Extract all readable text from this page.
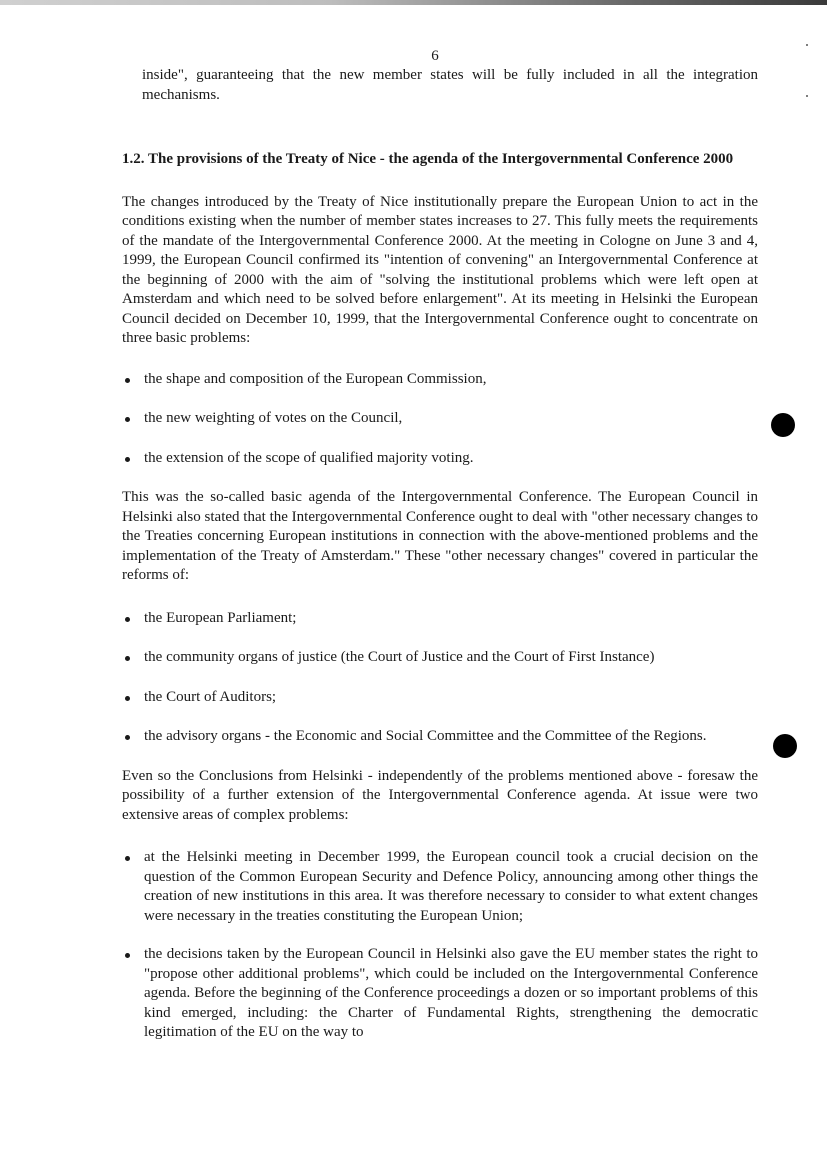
6

inside", guaranteeing that the new member states will be fully included in all the integration mechanisms.

1.2. The provisions of the Treaty of Nice - the agenda of the Intergovernmental Conference 2000

The changes introduced by the Treaty of Nice institutionally prepare the European Union to act in the conditions existing when the number of member states increases to 27. This fully meets the requirements of the mandate of the Intergovernmental Conference 2000. At the meeting in Cologne on June 3 and 4, 1999, the European Council confirmed its "intention of convening" an Intergovernmental Conference at the beginning of 2000 with the aim of "solving the institutional problems which were left open at Amsterdam and which need to be solved before enlargement". At its meeting in Helsinki the European Council decided on December 10, 1999, that the Intergovernmental Conference ought to concentrate on three basic problems:

the shape and composition of the European Commission,
the new weighting of votes on the Council,
the extension of the scope of qualified majority voting.

This was the so-called basic agenda of the Intergovernmental Conference. The European Council in Helsinki also stated that the Intergovernmental Conference ought to deal with "other necessary changes to the Treaties concerning European institutions in connection with the above-mentioned problems and the implementation of the Treaty of Amsterdam." These "other necessary changes" covered in particular the reforms of:

the European Parliament;
the community organs of justice (the Court of Justice and the Court of First Instance)
the Court of Auditors;
the advisory organs - the Economic and Social Committee and the Committee of the Regions.

Even so the Conclusions from Helsinki - independently of the problems mentioned above - foresaw the possibility of a further extension of the Intergovernmental Conference agenda. At issue were two extensive areas of complex problems:

at the Helsinki meeting in December 1999, the European council took a crucial decision on the question of the Common European Security and Defence Policy, announcing among other things the creation of new institutions in this area. It was therefore necessary to consider to what extent changes were necessary in the treaties constituting the European Union;
the decisions taken by the European Council in Helsinki also gave the EU member states the right to "propose other additional problems", which could be included on the Intergovernmental Conference agenda. Before the beginning of the Conference proceedings a dozen or so important problems of this kind emerged, including: the Charter of Fundamental Rights, strengthening the democratic legitimation of the EU on the way to
